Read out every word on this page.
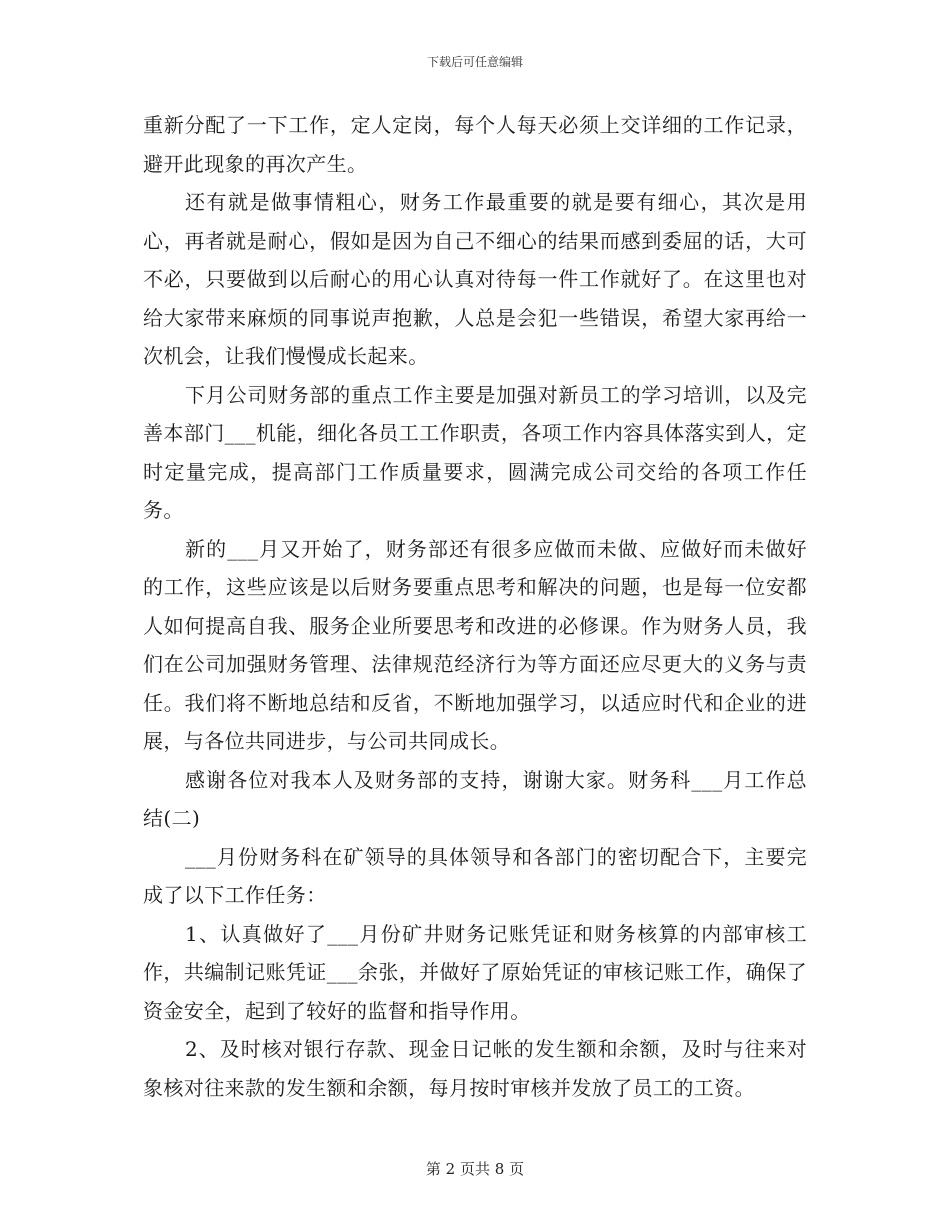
下载后可任意编辑

重新分配了一下工作，定人定岗，每个人每天必须上交详细的工作记录，避开此现象的再次产生。

还有就是做事情粗心，财务工作最重要的就是要有细心，其次是用心，再者就是耐心，假如是因为自己不细心的结果而感到委屈的话，大可不必，只要做到以后耐心的用心认真对待每一件工作就好了。在这里也对给大家带来麻烦的同事说声抱歉，人总是会犯一些错误，希望大家再给一次机会，让我们慢慢成长起来。

下月公司财务部的重点工作主要是加强对新员工的学习培训，以及完善本部门___机能，细化各员工工作职责，各项工作内容具体落实到人，定时定量完成，提高部门工作质量要求，圆满完成公司交给的各项工作任务。

新的___月又开始了，财务部还有很多应做而未做、应做好而未做好的工作，这些应该是以后财务要重点思考和解决的问题，也是每一位安都人如何提高自我、服务企业所要思考和改进的必修课。作为财务人员，我们在公司加强财务管理、法律规范经济行为等方面还应尽更大的义务与责任。我们将不断地总结和反省，不断地加强学习，以适应时代和企业的进展，与各位共同进步，与公司共同成长。

感谢各位对我本人及财务部的支持，谢谢大家。财务科___月工作总结(二)

___月份财务科在矿领导的具体领导和各部门的密切配合下，主要完成了以下工作任务：

1、认真做好了___月份矿井财务记账凭证和财务核算的内部审核工作，共编制记账凭证___余张，并做好了原始凭证的审核记账工作，确保了资金安全，起到了较好的监督和指导作用。

2、及时核对银行存款、现金日记帐的发生额和余额，及时与往来对象核对往来款的发生额和余额，每月按时审核并发放了员工的工资。

第 2 页共 8 页
